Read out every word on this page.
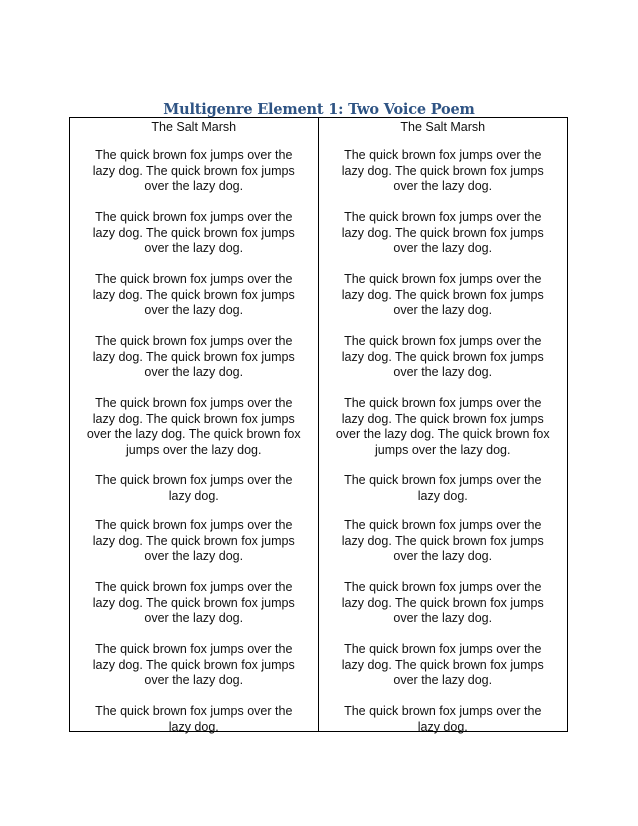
Multigenre Element 1: Two Voice Poem
The Salt Marsh
The quick brown fox jumps over the
lazy dog. The quick brown fox jumps
over the lazy dog.
The quick brown fox jumps over the
lazy dog. The quick brown fox jumps
over the lazy dog.
The quick brown fox jumps over the
lazy dog. The quick brown fox jumps
over the lazy dog.
The quick brown fox jumps over the
lazy dog. The quick brown fox jumps
over the lazy dog.
The quick brown fox jumps over the
lazy dog. The quick brown fox jumps
over the lazy dog. The quick brown fox
jumps over the lazy dog.
The quick brown fox jumps over the
lazy dog.
The quick brown fox jumps over the
lazy dog. The quick brown fox jumps
over the lazy dog.
The quick brown fox jumps over the
lazy dog. The quick brown fox jumps
over the lazy dog.
The quick brown fox jumps over the
lazy dog. The quick brown fox jumps
over the lazy dog.
The quick brown fox jumps over the
lazy dog.
The Salt Marsh
The quick brown fox jumps over the
lazy dog. The quick brown fox jumps
over the lazy dog.
The quick brown fox jumps over the
lazy dog. The quick brown fox jumps
over the lazy dog.
The quick brown fox jumps over the
lazy dog. The quick brown fox jumps
over the lazy dog.
The quick brown fox jumps over the
lazy dog. The quick brown fox jumps
over the lazy dog.
The quick brown fox jumps over the
lazy dog. The quick brown fox jumps
over the lazy dog. The quick brown fox
jumps over the lazy dog.
The quick brown fox jumps over the
lazy dog.
The quick brown fox jumps over the
lazy dog. The quick brown fox jumps
over the lazy dog.
The quick brown fox jumps over the
lazy dog. The quick brown fox jumps
over the lazy dog.
The quick brown fox jumps over the
lazy dog. The quick brown fox jumps
over the lazy dog.
The quick brown fox jumps over the
lazy dog.
